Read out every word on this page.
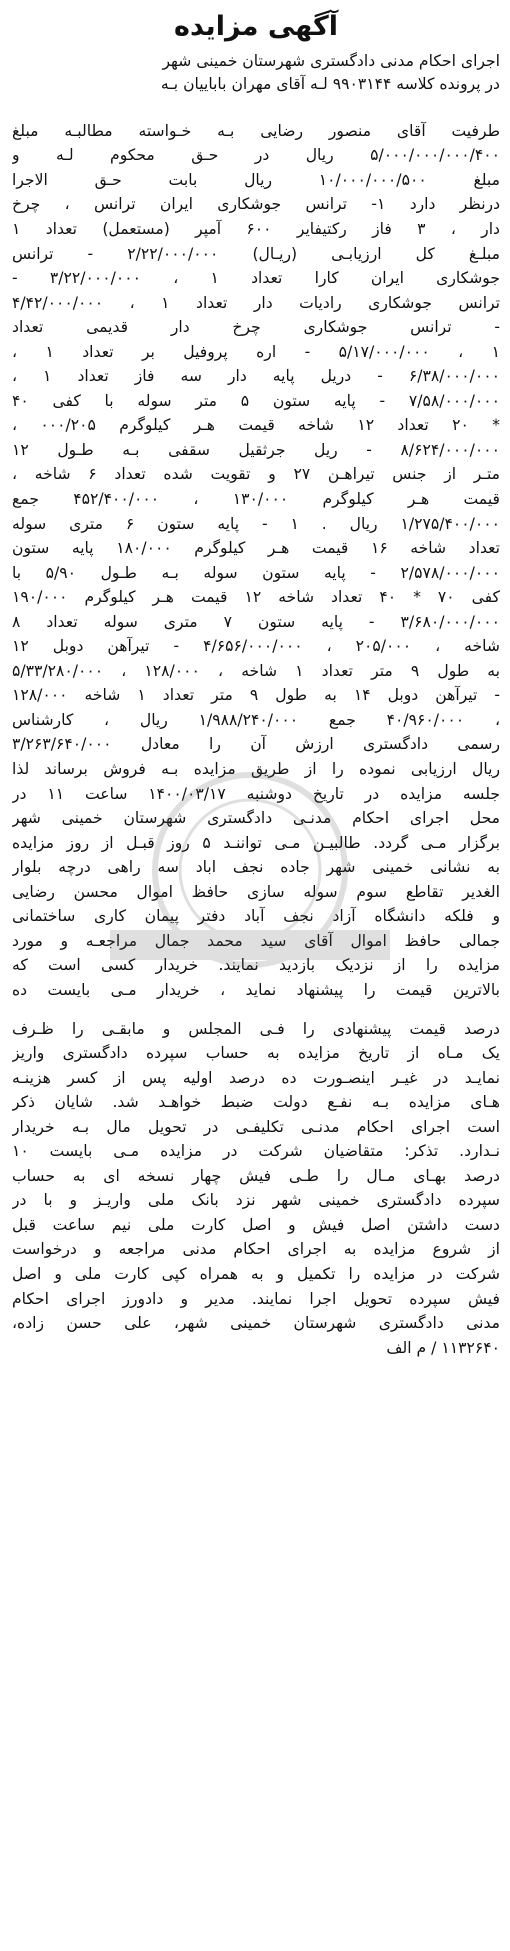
آگهی مزایده
اجرای احکام مدنی دادگستری شهرستان خمینی شهر
در پرونده کلاسه ۹۹۰۳۱۴۴ لـه آقای مهران باباییان بـه
طرفیت آقای منصور رضایی بـه خـواسته مطالبـه مبلغ
۵/۰۰۰/۰۰۰/۰۰۰/۴۰۰ ریال در حـق محکوم لـه و
مبلغ ۱۰/۰۰۰/۰۰۰/۵۰۰ ریال بابت حـق الاجرا
درنظر دارد ۱- ترانس جوشکاری ایران ترانس ، چرخ
دار ، ۳ فاز رکتیفایر ۶۰۰ آمپر (مستعمل) تعداد ۱
مبلـغ کل ارزیابـی (ریـال) ۲/۲۲/۰۰۰/۰۰۰ - ترانس
جوشکاری ایران کارا تعداد ۱ ، ۳/۲۲/۰۰۰/۰۰۰ -
ترانس جوشکاری رادیات دار تعداد ۱ ، ۴/۴۲/۰۰۰/۰۰۰
- ترانس جوشکاری چرخ دار قدیمی تعداد
۱ ، ۵/۱۷/۰۰۰/۰۰۰ - اره پروفیل بر تعداد ۱ ،
۶/۳۸/۰۰۰/۰۰۰ - دریل پایه دار سه فاز تعداد ۱ ،
۷/۵۸/۰۰۰/۰۰۰ - پایه ستون ۵ متر سوله با کفی ۴۰
* ۲۰ تعداد ۱۲ شاخه قیمت هـر کیلوگرم ۰۰۰/۲۰۵ ،
۸/۶۲۴/۰۰۰/۰۰۰ - ریل جرثقیل سقفی بـه طـول ۱۲
متـر از جنس تیراهـن ۲۷ و تقویت شده تعداد ۶ شاخه ،
قیمت هـر کیلوگرم ۱۳۰/۰۰۰ ، ۴۵۲/۴۰۰/۰۰۰ جمع
۱/۲۷۵/۴۰۰/۰۰۰ ریال . ۱ - پایه ستون ۶ متری سوله
تعداد شاخه ۱۶ قیمت هـر کیلوگرم ۱۸۰/۰۰۰ پایه ستون
۲/۵۷۸/۰۰۰/۰۰۰ - پایه ستون سوله بـه طـول ۵/۹۰ با
کفی ۷۰ * ۴۰ تعداد شاخه ۱۲ قیمت هـر کیلوگرم ۱۹۰/۰۰۰
۳/۶۸۰/۰۰۰/۰۰۰ - پایه ستون ۷ متری سوله تعداد ۸
شاخه ، ۲۰۵/۰۰۰ ، ۴/۶۵۶/۰۰۰/۰۰۰ - تیرآهن دوبل ۱۲
به طول ۹ متر تعداد ۱ شاخه ، ۱۲۸/۰۰۰ ، ۵/۳۳/۲۸۰/۰۰۰
- تیرآهن دوبل ۱۴ به طول ۹ متر تعداد ۱ شاخه ۱۲۸/۰۰۰
، ۴۰/۹۶۰/۰۰۰ جمع ۱/۹۸۸/۲۴۰/۰۰۰ ریال ، کارشناس
رسمی دادگستری ارزش آن را معادل ۳/۲۶۳/۶۴۰/۰۰۰
ریال ارزیابی نموده را از طریق مزایده بـه فروش برساند لذا
جلسه مزایده در تاریخ دوشنبه ۱۴۰۰/۰۳/۱۷ ساعت ۱۱ در
محل اجرای احکام مدنـی دادگستری شهرستان خمینی شهر
برگزار مـی گردد. طالبیـن مـی تواننـد ۵ روز قبـل از روز مزایده
به نشانی خمینی شهر جاده نجف اباد سه راهی درچه بلوار
الغدیر تقاطع سوم سوله سازی حافظ اموال محسن رضایی
و فلکه دانشگاه آزاد نجف آباد دفتر پیمان کاری ساختمانی
جمالی حافظ اموال آقای سید محمد جمال مراجعـه و مورد
مزایده را از نزدیک بازدید نمایند. خریدار کسی است که
بالاترین قیمت را پیشنهاد نماید ، خریدار مـی بایست ده
درصد قیمت پیشنهادی را فـی المجلس و مابقـی را ظـرف
یک مـاه از تاریخ مزایده به حساب سپرده دادگستری واریز
نمایـد در غیـر اینصـورت ده درصد اولیه پس از کسر هزینـه
هـای مزایده بـه نفـع دولت ضبط خواهـد شد. شایان ذکر
است اجرای احکام مدنـی تکلیفـی در تحویل مال بـه خریدار
نـدارد. تذکر: متقاضیان شرکت در مزایده مـی بایست ۱۰
درصد بهـای مـال را طـی فیش چهار نسخه ای به حساب
سپرده دادگستری خمینی شهر نزد بانک ملی واریـز و با در
دست داشتن اصل فیش و اصل کارت ملی نیم ساعت قبل
از شروع مزایده به اجرای احکام مدنی مراجعه و درخواست
شرکت در مزایده را تکمیل و به همراه کپی کارت ملی و اصل
فیش سپرده تحویل اجرا نمایند. مدیر و دادورز اجرای احکام
مدنی دادگستری شهرستان خمینی شهر، علی حسن زاده،
۱۱۳۲۶۴۰ / م الف
